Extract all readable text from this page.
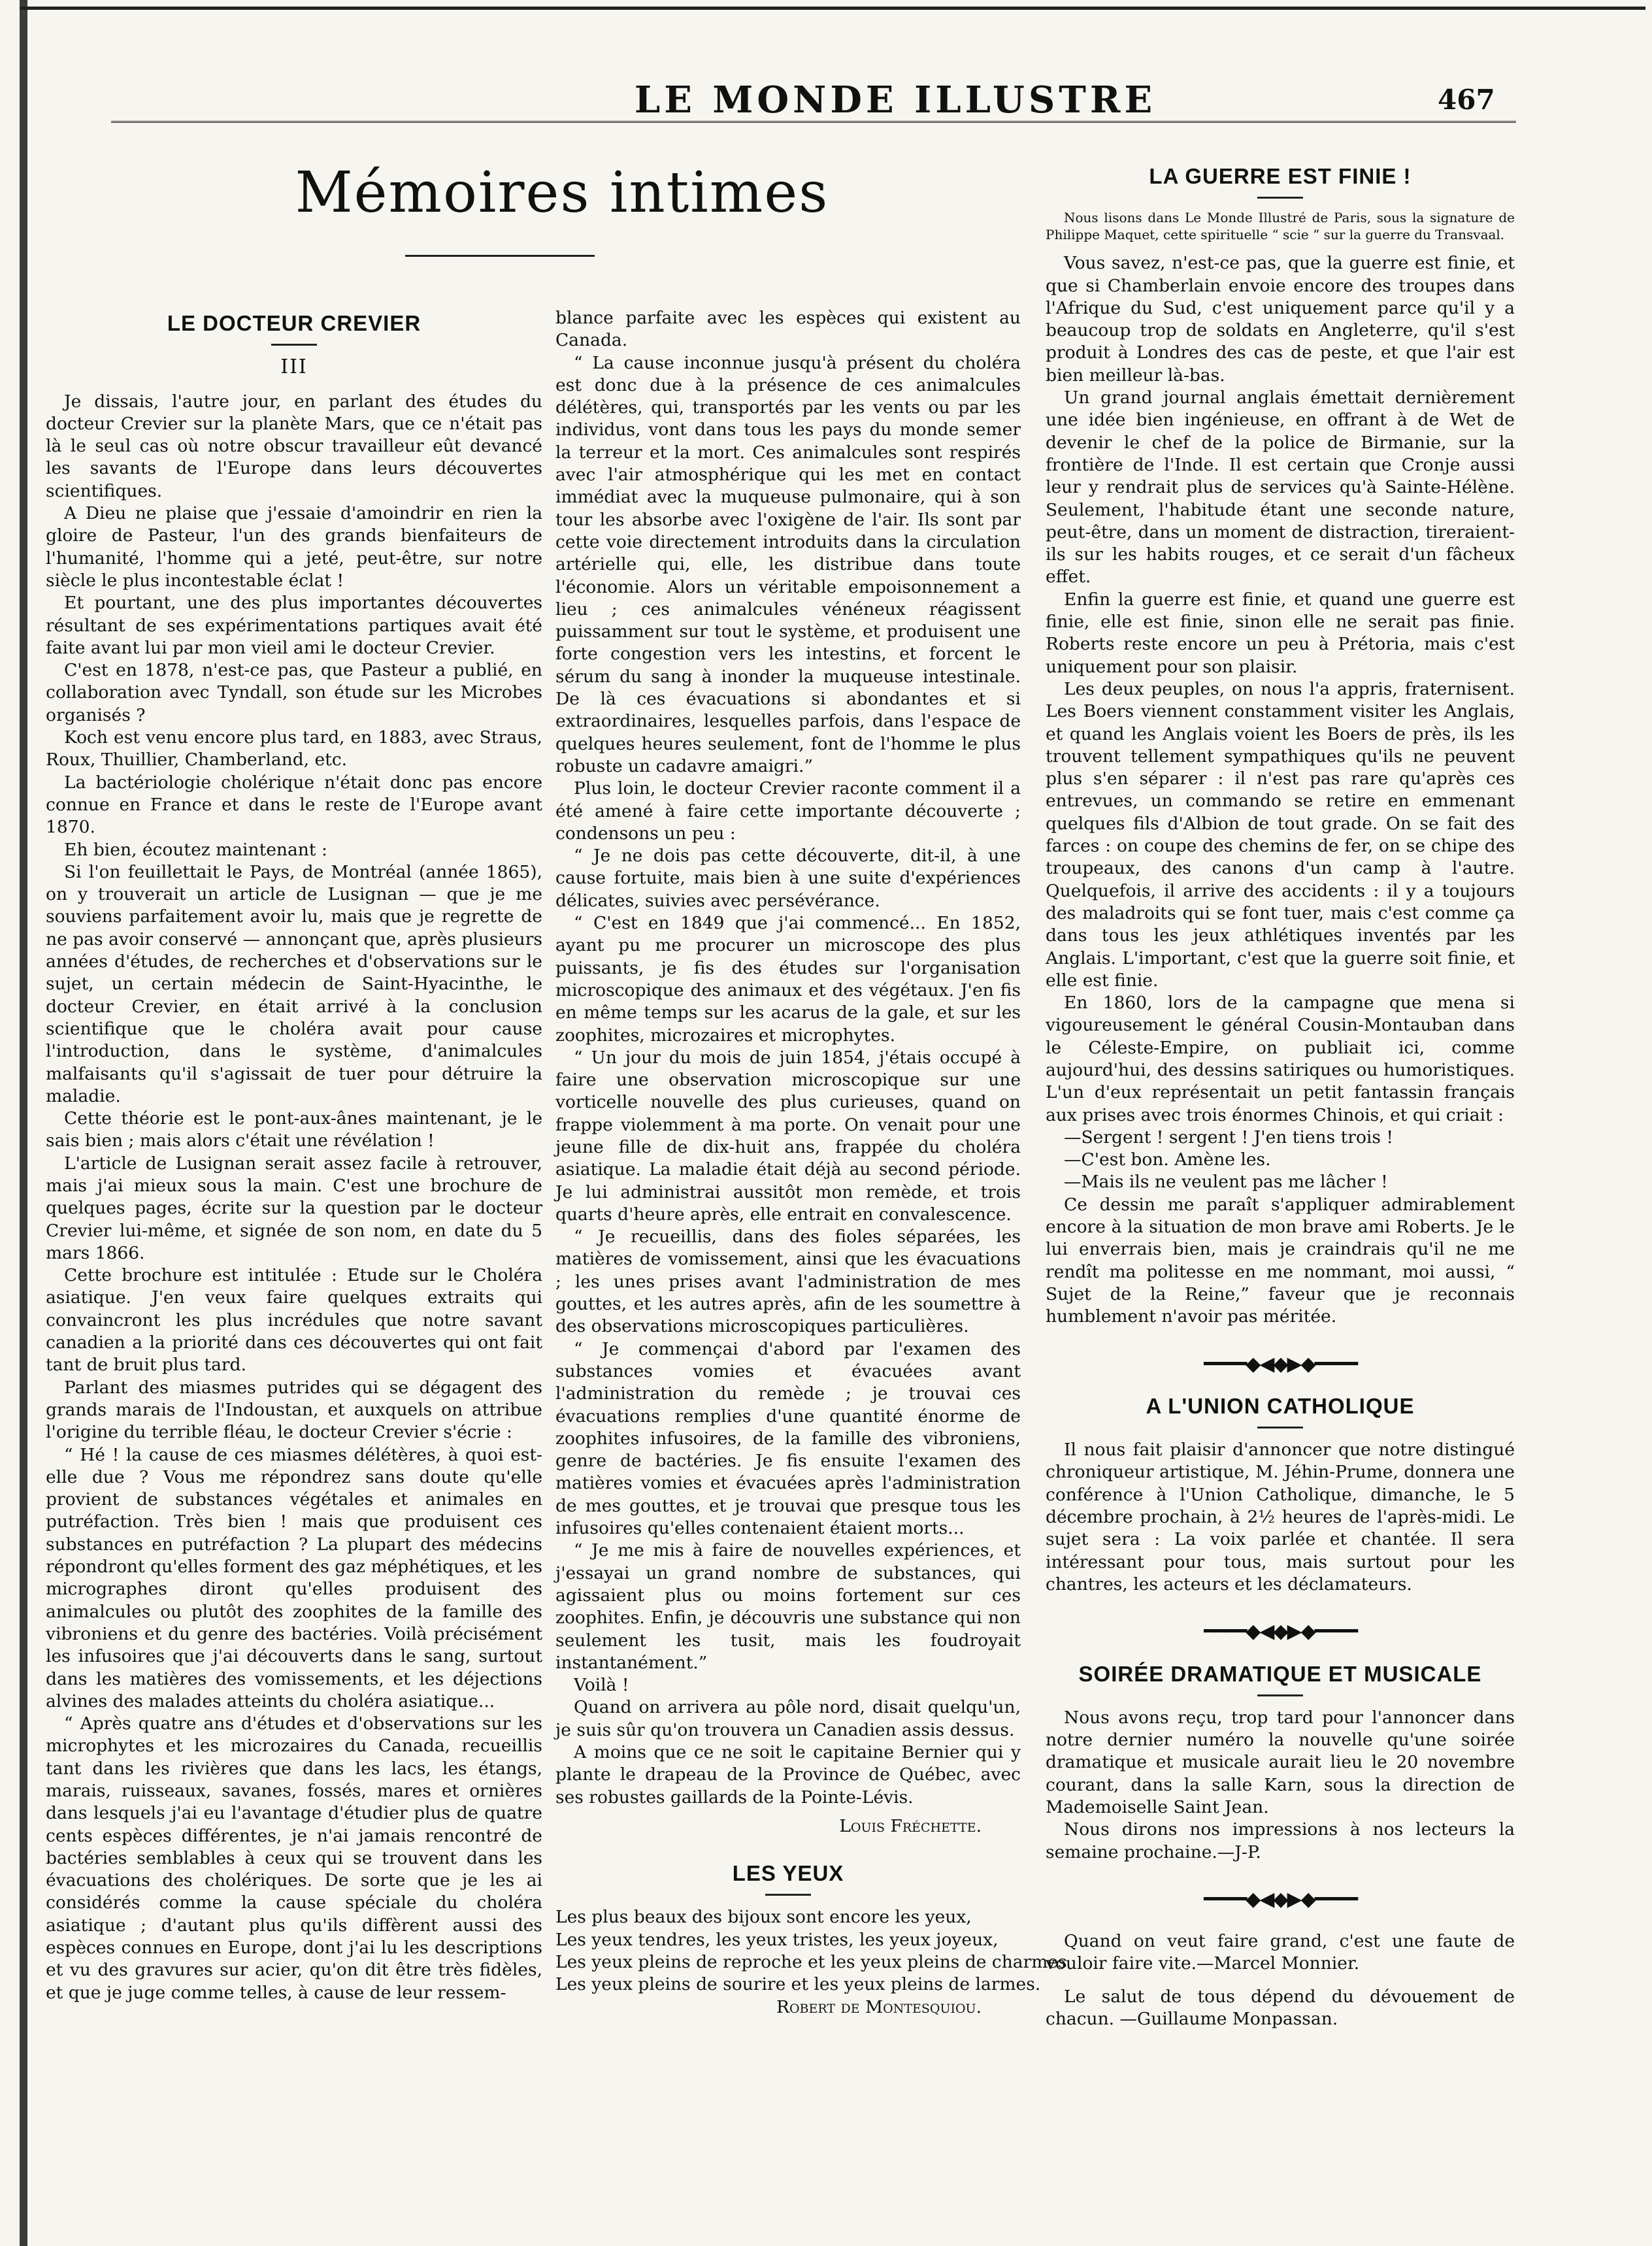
LE MONDE ILLUSTRE	467
Mémoires intimes
LE DOCTEUR CREVIER
III

Je dissais, l'autre jour, en parlant des études du docteur Crevier sur la planète Mars, que ce n'était pas là le seul cas où notre obscur travailleur eût devancé les savants de l'Europe dans leurs découvertes scientifiques.

A Dieu ne plaise que j'essaie d'amoindrir en rien la gloire de Pasteur, l'un des grands bienfaiteurs de l'humanité, l'homme qui a jeté, peut-être, sur notre siècle le plus incontestable éclat !

Et pourtant, une des plus importantes découvertes résultant de ses expérimentations partiques avait été faite avant lui par mon vieil ami le docteur Crevier.

C'est en 1878, n'est-ce pas, que Pasteur a publié, en collaboration avec Tyndall, son étude sur les Microbes organisés ?

Koch est venu encore plus tard, en 1883, avec Straus, Roux, Thuillier, Chamberland, etc.

La bactériologie cholérique n'était donc pas encore connue en France et dans le reste de l'Europe avant 1870.

Eh bien, écoutez maintenant :

Si l'on feuillettait le Pays, de Montréal (année 1865), on y trouverait un article de Lusignan — que je me souviens parfaitement avoir lu, mais que je regrette de ne pas avoir conservé — annonçant que, après plusieurs années d'études, de recherches et d'observations sur le sujet, un certain médecin de Saint-Hyacinthe, le docteur Crevier, en était arrivé à la conclusion scientifique que le choléra avait pour cause l'introduction, dans le système, d'animalcules malfaisants qu'il s'agissait de tuer pour détruire la maladie.

Cette théorie est le pont-aux-ânes maintenant, je le sais bien ; mais alors c'était une révélation !

L'article de Lusignan serait assez facile à retrouver, mais j'ai mieux sous la main. C'est une brochure de quelques pages, écrite sur la question par le docteur Crevier lui-même, et signée de son nom, en date du 5 mars 1866.

Cette brochure est intitulée : Etude sur le Choléra asiatique. J'en veux faire quelques extraits qui convaincront les plus incrédules que notre savant canadien a la priorité dans ces découvertes qui ont fait tant de bruit plus tard.

Parlant des miasmes putrides qui se dégagent des grands marais de l'Indoustan, et auxquels on attribue l'origine du terrible fléau, le docteur Crevier s'écrie :

“ Hé ! la cause de ces miasmes délétères, à quoi est-elle due ? Vous me répondrez sans doute qu'elle provient de substances végétales et animales en putréfaction. Très bien ! mais que produisent ces substances en putréfaction ? La plupart des médecins répondront qu'elles forment des gaz méphétiques, et les micrographes diront qu'elles produisent des animalcules ou plutôt des zoophites de la famille des vibroniens et du genre des bactéries. Voilà précisément les infusoires que j'ai découverts dans le sang, surtout dans les matières des vomissements, et les déjections alvines des malades atteints du choléra asiatique...

“ Après quatre ans d'études et d'observations sur les microphytes et les microzaires du Canada, recueillis tant dans les rivières que dans les lacs, les étangs, marais, ruisseaux, savanes, fossés, mares et ornières dans lesquels j'ai eu l'avantage d'étudier plus de quatre cents espèces différentes, je n'ai jamais rencontré de bactéries semblables à ceux qui se trouvent dans les évacuations des cholériques. De sorte que je les ai considérés comme la cause spéciale du choléra asiatique ; d'autant plus qu'ils diffèrent aussi des espèces connues en Europe, dont j'ai lu les descriptions et vu des gravures sur acier, qu'on dit être très fidèles, et que je juge comme telles, à cause de leur ressem-

blance parfaite avec les espèces qui existent au Canada.

“ La cause inconnue jusqu'à présent du choléra est donc due à la présence de ces animalcules délétères, qui, transportés par les vents ou par les individus, vont dans tous les pays du monde semer la terreur et la mort. Ces animalcules sont respirés avec l'air atmosphérique qui les met en contact immédiat avec la muqueuse pulmonaire, qui à son tour les absorbe avec l'oxigène de l'air. Ils sont par cette voie directement introduits dans la circulation artérielle qui, elle, les distribue dans toute l'économie. Alors un véritable empoisonnement a lieu ; ces animalcules vénéneux réagissent puissamment sur tout le système, et produisent une forte congestion vers les intestins, et forcent le sérum du sang à inonder la muqueuse intestinale. De là ces évacuations si abondantes et si extraordinaires, lesquelles parfois, dans l'espace de quelques heures seulement, font de l'homme le plus robuste un cadavre amaigri.”

Plus loin, le docteur Crevier raconte comment il a été amené à faire cette importante découverte ; condensons un peu :

“ Je ne dois pas cette découverte, dit-il, à une cause fortuite, mais bien à une suite d'expériences délicates, suivies avec persévérance.

“ C'est en 1849 que j'ai commencé... En 1852, ayant pu me procurer un microscope des plus puissants, je fis des études sur l'organisation microscopique des animaux et des végétaux. J'en fis en même temps sur les acarus de la gale, et sur les zoophites, microzaires et microphytes.

“ Un jour du mois de juin 1854, j'étais occupé à faire une observation microscopique sur une vorticelle nouvelle des plus curieuses, quand on frappe violemment à ma porte. On venait pour une jeune fille de dix-huit ans, frappée du choléra asiatique. La maladie était déjà au second période. Je lui administrai aussitôt mon remède, et trois quarts d'heure après, elle entrait en convalescence.

“ Je recueillis, dans des fioles séparées, les matières de vomissement, ainsi que les évacuations ; les unes prises avant l'administration de mes gouttes, et les autres après, afin de les soumettre à des observations microscopiques particulières.

“ Je commençai d'abord par l'examen des substances vomies et évacuées avant l'administration du remède ; je trouvai ces évacuations remplies d'une quantité énorme de zoophites infusoires, de la famille des vibroniens, genre de bactéries. Je fis ensuite l'examen des matières vomies et évacuées après l'administration de mes gouttes, et je trouvai que presque tous les infusoires qu'elles contenaient étaient morts...

“ Je me mis à faire de nouvelles expériences, et j'essayai un grand nombre de substances, qui agissaient plus ou moins fortement sur ces zoophites. Enfin, je découvris une substance qui non seulement les tusit, mais les foudroyait instantanément.”

Voilà !

Quand on arrivera au pôle nord, disait quelqu'un, je suis sûr qu'on trouvera un Canadien assis dessus.

A moins que ce ne soit le capitaine Bernier qui y plante le drapeau de la Province de Québec, avec ses robustes gaillards de la Pointe-Lévis.

Louis Fréchette.
LES YEUX
Les plus beaux des bijoux sont encore les yeux,
Les yeux tendres, les yeux tristes, les yeux joyeux,
Les yeux pleins de reproche et les yeux pleins de charmes
Les yeux pleins de sourire et les yeux pleins de larmes.
Robert de Montesquiou.
LA GUERRE EST FINIE !
Nous lisons dans Le Monde Illustré de Paris, sous la signature de Philippe Maquet, cette spirituelle “ scie ” sur la guerre du Transvaal.

Vous savez, n'est-ce pas, que la guerre est finie, et que si Chamberlain envoie encore des troupes dans l'Afrique du Sud, c'est uniquement parce qu'il y a beaucoup trop de soldats en Angleterre, qu'il s'est produit à Londres des cas de peste, et que l'air est bien meilleur là-bas.

Un grand journal anglais émettait dernièrement une idée bien ingénieuse, en offrant à de Wet de devenir le chef de la police de Birmanie, sur la frontière de l'Inde. Il est certain que Cronje aussi leur y rendrait plus de services qu'à Sainte-Hélène. Seulement, l'habitude étant une seconde nature, peut-être, dans un moment de distraction, tireraient-ils sur les habits rouges, et ce serait d'un fâcheux effet.

Enfin la guerre est finie, et quand une guerre est finie, elle est finie, sinon elle ne serait pas finie. Roberts reste encore un peu à Prétoria, mais c'est uniquement pour son plaisir.

Les deux peuples, on nous l'a appris, fraternisent. Les Boers viennent constamment visiter les Anglais, et quand les Anglais voient les Boers de près, ils les trouvent tellement sympathiques qu'ils ne peuvent plus s'en séparer : il n'est pas rare qu'après ces entrevues, un commando se retire en emmenant quelques fils d'Albion de tout grade. On se fait des farces : on coupe des chemins de fer, on se chipe des troupeaux, des canons d'un camp à l'autre. Quelquefois, il arrive des accidents : il y a toujours des maladroits qui se font tuer, mais c'est comme ça dans tous les jeux athlétiques inventés par les Anglais. L'important, c'est que la guerre soit finie, et elle est finie.

En 1860, lors de la campagne que mena si vigoureusement le général Cousin-Montauban dans le Céleste-Empire, on publiait ici, comme aujourd'hui, des dessins satiriques ou humoristiques. L'un d'eux représentait un petit fantassin français aux prises avec trois énormes Chinois, et qui criait :

—Sergent ! sergent ! J'en tiens trois !

—C'est bon. Amène les.

—Mais ils ne veulent pas me lâcher !

Ce dessin me paraît s'appliquer admirablement encore à la situation de mon brave ami Roberts. Je le lui enverrais bien, mais je craindrais qu'il ne me rendît ma politesse en me nommant, moi aussi, “ Sujet de la Reine,” faveur que je reconnais humblement n'avoir pas méritée.

━━━━◆◀◆▶◆━━━━
A L'UNION CATHOLIQUE

Il nous fait plaisir d'annoncer que notre distingué chroniqueur artistique, M. Jéhin-Prume, donnera une conférence à l'Union Catholique, dimanche, le 5 décembre prochain, à 2½ heures de l'après-midi. Le sujet sera : La voix parlée et chantée. Il sera intéressant pour tous, mais surtout pour les chantres, les acteurs et les déclamateurs.

━━━━◆◀◆▶◆━━━━
SOIRÉE DRAMATIQUE ET MUSICALE

Nous avons reçu, trop tard pour l'annoncer dans notre dernier numéro la nouvelle qu'une soirée dramatique et musicale aurait lieu le 20 novembre courant, dans la salle Karn, sous la direction de Mademoiselle Saint Jean.

Nous dirons nos impressions à nos lecteurs la semaine prochaine.—J-P.

━━━━◆◀◆▶◆━━━━

Quand on veut faire grand, c'est une faute de vouloir faire vite.—Marcel Monnier.

Le salut de tous dépend du dévouement de chacun. —Guillaume Monpassan.
